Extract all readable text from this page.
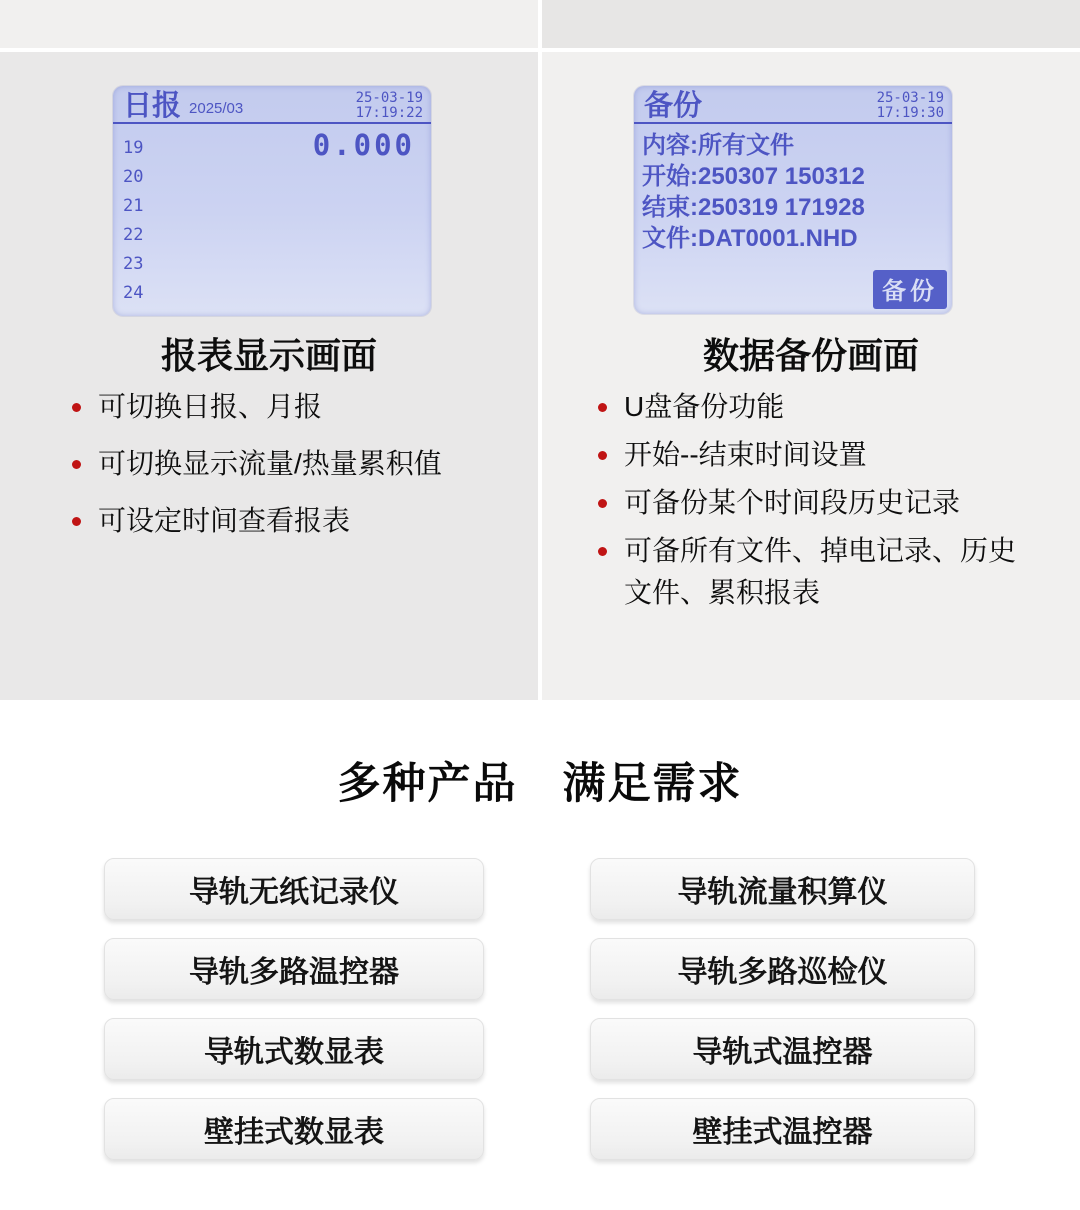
日报 2025/03
25-03-19
17:19:22
19
20
21
22
23
24
0.000
报表显示画面
可切换日报、月报
可切换显示流量/热量累积值
可设定时间查看报表
备份	25-03-19
17:19:30
内容:所有文件
开始:250307 150312
结束:250319 171928
文件:DAT0001.NHD
备份
数据备份画面
U盘备份功能
开始--结束时间设置
可备份某个时间段历史记录
可备所有文件、掉电记录、历史文件、累积报表
多种产品　满足需求
导轨无纸记录仪
导轨多路温控器
导轨式数显表
壁挂式数显表
导轨流量积算仪
导轨多路巡检仪
导轨式温控器
壁挂式温控器
